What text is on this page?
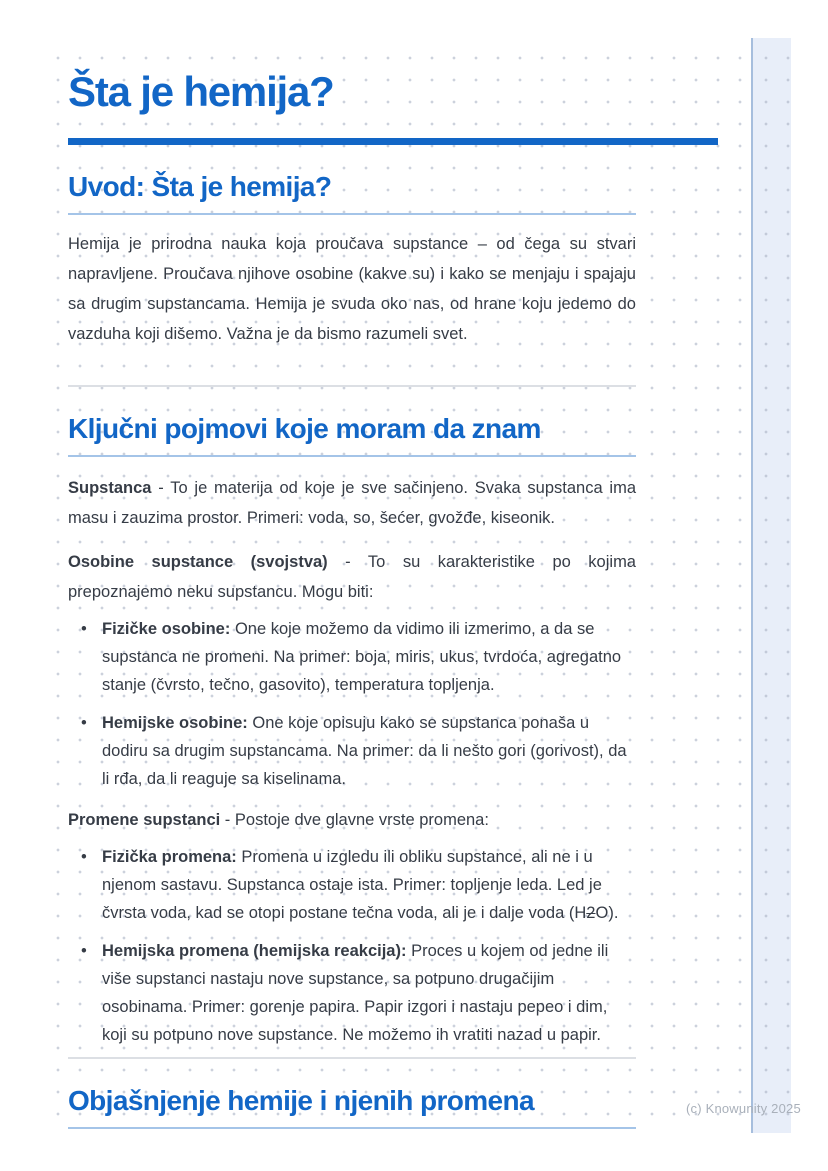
Šta je hemija?
Uvod: Šta je hemija?

Hemija je prirodna nauka koja proučava supstance – od čega su stvari napravljene. Proučava njihove osobine (kakve su) i kako se menjaju i spajaju sa drugim supstancama. Hemija je svuda oko nas, od hrane koju jedemo do vazduha koji dišemo. Važna je da bismo razumeli svet.

Ključni pojmovi koje moram da znam

Supstanca - To je materija od koje je sve sačinjeno. Svaka supstanca ima masu i zauzima prostor. Primeri: voda, so, šećer, gvožđe, kiseonik.

Osobine supstance (svojstva) - To su karakteristike po kojima prepoznajemo neku supstancu. Mogu biti:

• Fizičke osobine: One koje možemo da vidimo ili izmerimo, a da se supstanca ne promeni. Na primer: boja, miris, ukus, tvrdoća, agregatno stanje (čvrsto, tečno, gasovito), temperatura topljenja.
• Hemijske osobine: One koje opisuju kako se supstanca ponaša u dodiru sa drugim supstancama. Na primer: da li nešto gori (gorivost), da li rđa, da li reaguje sa kiselinama.

Promene supstanci - Postoje dve glavne vrste promena:

• Fizička promena: Promena u izgledu ili obliku supstance, ali ne i u njenom sastavu. Supstanca ostaje ista. Primer: topljenje leda. Led je čvrsta voda, kad se otopi postane tečna voda, ali je i dalje voda (H2O).
• Hemijska promena (hemijska reakcija): Proces u kojem od jedne ili više supstanci nastaju nove supstance, sa potpuno drugačijim osobinama. Primer: gorenje papira. Papir izgori i nastaju pepeo i dim, koji su potpuno nove supstance. Ne možemo ih vratiti nazad u papir.
Objašnjenje hemije i njenih promena	(c) Knowunity 2025
